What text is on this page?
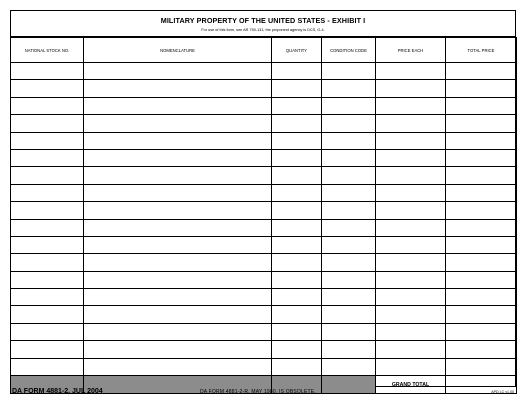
MILITARY PROPERTY OF THE UNITED STATES - EXHIBIT I
For use of this form, see AR 750-131; the proponent agency is DCS, G-4.
NATIONAL STOCK NO.	NOMENCLATURE	QUANTITY	CONDITION CODE	PRICE EACH	TOTAL PRICE

				GRAND TOTAL	
DA FORM 4881-2, JUL 2004	DA FORM 4881-2-R, MAY 1980, IS OBSOLETE.	APD LC v1.00
